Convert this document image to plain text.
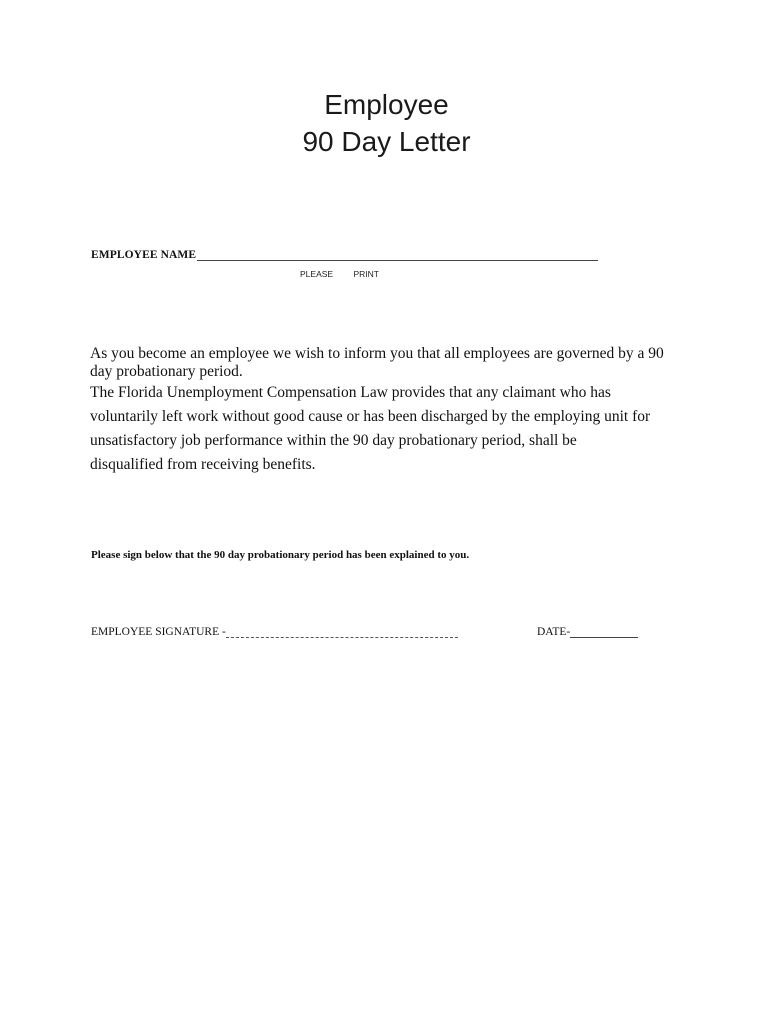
Employee
90 Day Letter
EMPLOYEE NAME
PLEASE PRINT
As you become an employee we wish to inform you that all employees are governed by a 90
day probationary period.
The Florida Unemployment Compensation Law provides that any claimant who has
voluntarily left work without good cause or has been discharged by the employing unit for
unsatisfactory job performance within the 90 day probationary period, shall be
disqualified from receiving benefits.
Please sign below that the 90 day probationary period has been explained to you.
EMPLOYEE SIGNATURE -	DATE-
